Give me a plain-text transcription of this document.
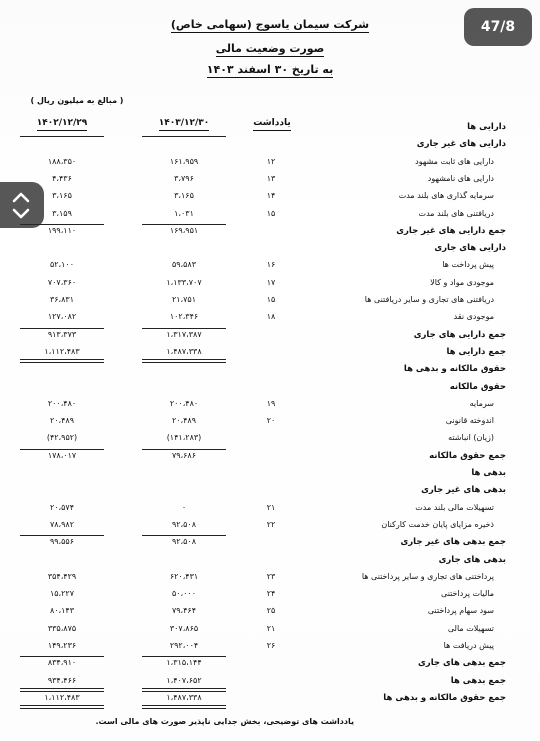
شرکت سیمان یاسوج (سهامی خاص)
صورت وضعیت مالی
به تاریخ ۳۰ اسفند ۱۴۰۳
( مبالغ به میلیون ریال )
یادداشت
۱۴۰۳/۱۲/۳۰
۱۴۰۲/۱۲/۲۹	دارایی ها
دارایی های غیر جاری
دارایی های ثابت مشهود
۱۲
۱۶۱،۹۵۹
۱۸۸،۳۵۰
دارایی های نامشهود
۱۳
۳،۷۹۶
۴،۴۳۶
سرمایه گذاری های بلند مدت
۱۴
۳،۱۶۵
۳،۱۶۵
دریافتنی های بلند مدت
۱۵
۱،۰۳۱
۳،۱۵۹
جمع دارایی های غیر جاری
۱۶۹،۹۵۱
۱۹۹،۱۱۰
دارایی های جاری
پیش پرداخت ها
۱۶
۵۹،۵۸۳
۵۲،۱۰۰
موجودی مواد و کالا
۱۷
۱،۱۳۳،۷۰۷
۷۰۷،۳۶۰
دریافتنی های تجاری و سایر دریافتنی ها
۱۵
۲۱،۷۵۱
۳۶،۸۳۱
موجودی نقد
۱۸
۱۰۲،۳۴۶
۱۲۷،۰۸۲
جمع دارایی های جاری
۱،۳۱۷،۳۸۷
۹۱۳،۳۷۳
جمع دارایی ها
۱،۴۸۷،۳۳۸
۱،۱۱۲،۴۸۳
حقوق مالکانه و بدهی ها
حقوق مالکانه
سرمایه
۱۹
۲۰۰،۴۸۰
۲۰۰،۴۸۰
اندوخته قانونی
۲۰
۲۰،۴۸۹
۲۰،۴۸۹
(زیان) انباشته
(۱۴۱،۲۸۳)
(۴۲،۹۵۲)
جمع حقوق مالکانه
۷۹،۶۸۶
۱۷۸،۰۱۷
بدهی ها
بدهی های غیر جاری
تسهیلات مالی بلند مدت
۲۱
۰
۲۰،۵۷۴
ذخیره مزایای پایان خدمت کارکنان
۲۲
۹۲،۵۰۸
۷۸،۹۸۲
جمع بدهی های غیر جاری
۹۲،۵۰۸
۹۹،۵۵۶
بدهی های جاری
پرداختنی های تجاری و سایر پرداختنی ها
۲۳
۶۲۰،۴۳۱
۳۵۴،۴۲۹
مالیات پرداختنی
۲۴
۵۰،۰۰۰
۱۵،۲۲۷
سود سهام پرداختنی
۲۵
۷۹،۴۶۴
۸۰،۱۴۳
تسهیلات مالی
۲۱
۳۰۷،۸۶۵
۳۳۵،۸۷۵
پیش دریافت ها
۲۶
۲۹۲،۰۰۴
۱۴۹،۲۳۶
جمع بدهی های جاری
۱،۳۱۵،۱۴۴
۸۳۴،۹۱۰
جمع بدهی ها
۱،۴۰۷،۶۵۲
۹۳۴،۴۶۶
جمع حقوق مالکانه و بدهی ها
۱،۴۸۷،۳۳۸
۱،۱۱۲،۴۸۳
یادداشت های توضیحی، بخش جدایی ناپذیر صورت های مالی است.
47/8
